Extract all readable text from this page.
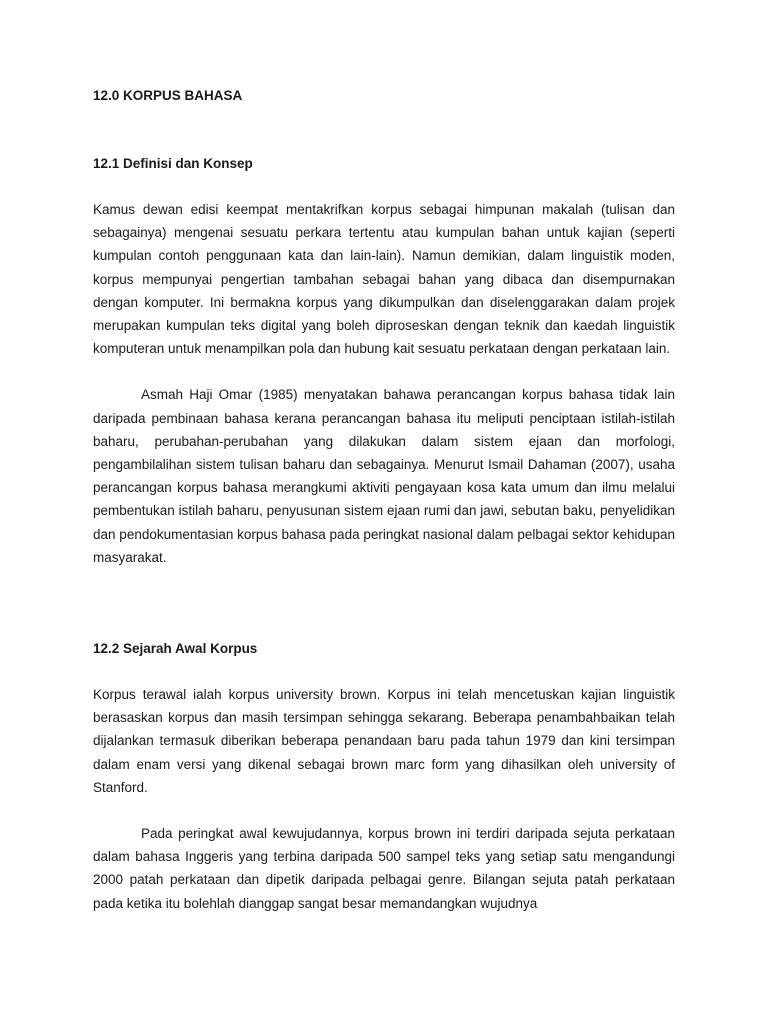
12.0 KORPUS BAHASA
12.1 Definisi dan Konsep

Kamus dewan edisi keempat mentakrifkan korpus sebagai himpunan makalah (tulisan dan sebagainya) mengenai sesuatu perkara tertentu atau kumpulan bahan untuk kajian (seperti kumpulan contoh penggunaan kata dan lain-lain). Namun demikian, dalam linguistik moden, korpus mempunyai pengertian tambahan sebagai bahan yang dibaca dan disempurnakan dengan komputer. Ini bermakna korpus yang dikumpulkan dan diselenggarakan dalam projek merupakan kumpulan teks digital yang boleh diproseskan dengan teknik dan kaedah linguistik komputeran untuk menampilkan pola dan hubung kait sesuatu perkataan dengan perkataan lain.

Asmah Haji Omar (1985) menyatakan bahawa perancangan korpus bahasa tidak lain daripada pembinaan bahasa kerana perancangan bahasa itu meliputi penciptaan istilah-istilah baharu, perubahan-perubahan yang dilakukan dalam sistem ejaan dan morfologi, pengambilalihan sistem tulisan baharu dan sebagainya. Menurut Ismail Dahaman (2007), usaha perancangan korpus bahasa merangkumi aktiviti pengayaan kosa kata umum dan ilmu melalui pembentukan istilah baharu, penyusunan sistem ejaan rumi dan jawi, sebutan baku, penyelidikan dan pendokumentasian korpus bahasa pada peringkat nasional dalam pelbagai sektor kehidupan masyarakat.

12.2 Sejarah Awal Korpus

Korpus terawal ialah korpus university brown. Korpus ini telah mencetuskan kajian linguistik berasaskan korpus dan masih tersimpan sehingga sekarang. Beberapa penambahbaikan telah dijalankan termasuk diberikan beberapa penandaan baru pada tahun 1979 dan kini tersimpan dalam enam versi yang dikenal sebagai brown marc form yang dihasilkan oleh university of Stanford.

Pada peringkat awal kewujudannya, korpus brown ini terdiri daripada sejuta perkataan dalam bahasa Inggeris yang terbina daripada 500 sampel teks yang setiap satu mengandungi 2000 patah perkataan dan dipetik daripada pelbagai genre. Bilangan sejuta patah perkataan pada ketika itu bolehlah dianggap sangat besar memandangkan wujudnya
